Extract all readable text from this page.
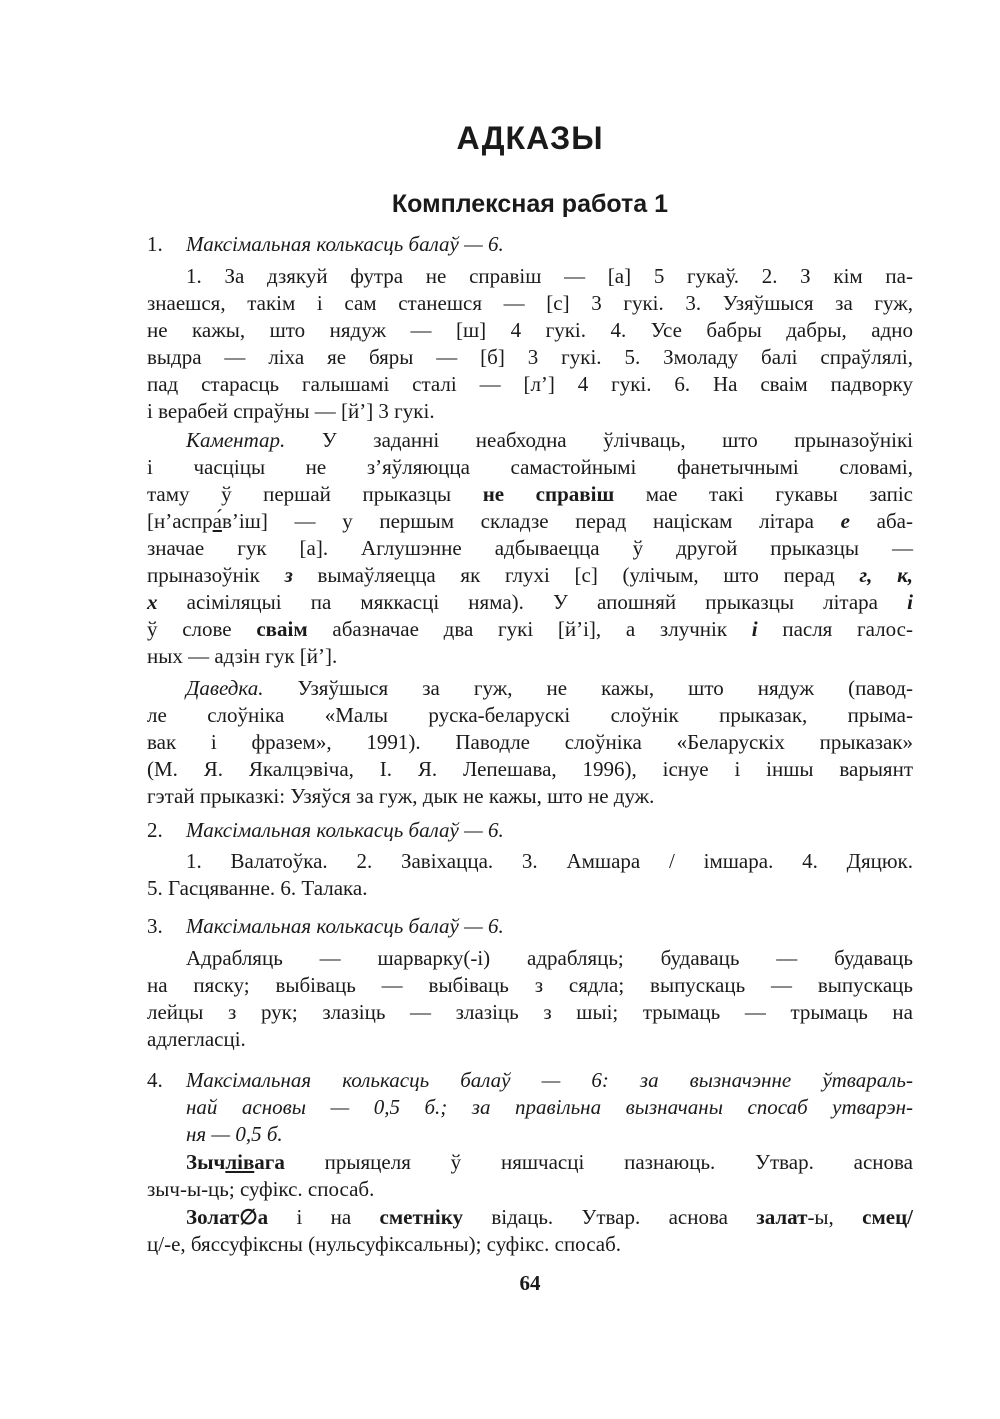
АДКАЗЫ
Комплексная работа 1
1.	Максімальная колькасць балаў — 6.
1. За дзякуй футра не справіш — [а] 5 гукаў. 2. З кім па-
знаешся, такім і сам станешся — [с] 3 гукі. 3. Узяўшыся за гуж,
не кажы, што нядуж — [ш] 4 гукі. 4. Усе бабры дабры, адно
выдра — ліха яе бяры — [б] 3 гукі. 5. Змоладу балі спраўлялі,
пад старасць галышамі сталі — [л’] 4 гукі. 6. На сваім падворку
і верабей спраўны — [й’] 3 гукі.
Каментар. У заданні неабходна ўлічваць, што прыназоўнікі
і часціцы не з’яўляюцца самастойнымі фанетычнымі словамі,
таму ў першай прыказцы не справіш мае такі гукавы запіс
[н’аспра́в’іш] — у першым складзе перад націскам літара е аба-
значае гук [а]. Аглушэнне адбываецца ў другой прыказцы —
прыназоўнік з вымаўляецца як глухі [с] (улічым, што перад г, к,
х асіміляцыі па мяккасці няма). У апошняй прыказцы літара і
ў слове сваім абазначае два гукі [й’і], а злучнік і пасля галос-
ных — адзін гук [й’].
Даведка. Узяўшыся за гуж, не кажы, што нядуж (павод-
ле слоўніка «Малы руска-беларускі слоўнік прыказак, прыма-
вак і фразем», 1991). Паводле слоўніка «Беларускіх прыказак»
(М. Я. Якалцэвіча, І. Я. Лепешава, 1996), існуе і іншы варыянт
гэтай прыказкі: Узяўся за гуж, дык не кажы, што не дуж.
2.	Максімальная колькасць балаў — 6.
1. Валатоўка. 2. Завіхацца. 3. Амшара / імшара. 4. Дяцюк.
5. Гасцяванне. 6. Талака.
3.	Максімальная колькасць балаў — 6.
Адрабляць — шарварку(-і) адрабляць; будаваць — будаваць
на пяску; выбіваць — выбіваць з сядла; выпускаць — выпускаць
лейцы з рук; злазіць — злазіць з шыі; трымаць — трымаць на
адлегласці.
4.	Максімальная колькасць балаў — 6: за вызначэнне ўтвараль-
най асновы — 0,5 б.; за правільна вызначаны спосаб утварэн-
ня — 0,5 б.
Зычлівага прыяцеля ў няшчасці пазнаюць. Утвар. аснова
зыч-ы-ць; суфікс. спосаб.
Золат∅а і на сметніку відаць. Утвар. аснова залат-ы, смец/
ц/-е, бяссуфіксны (нульсуфіксальны); суфікс. спосаб.
64
